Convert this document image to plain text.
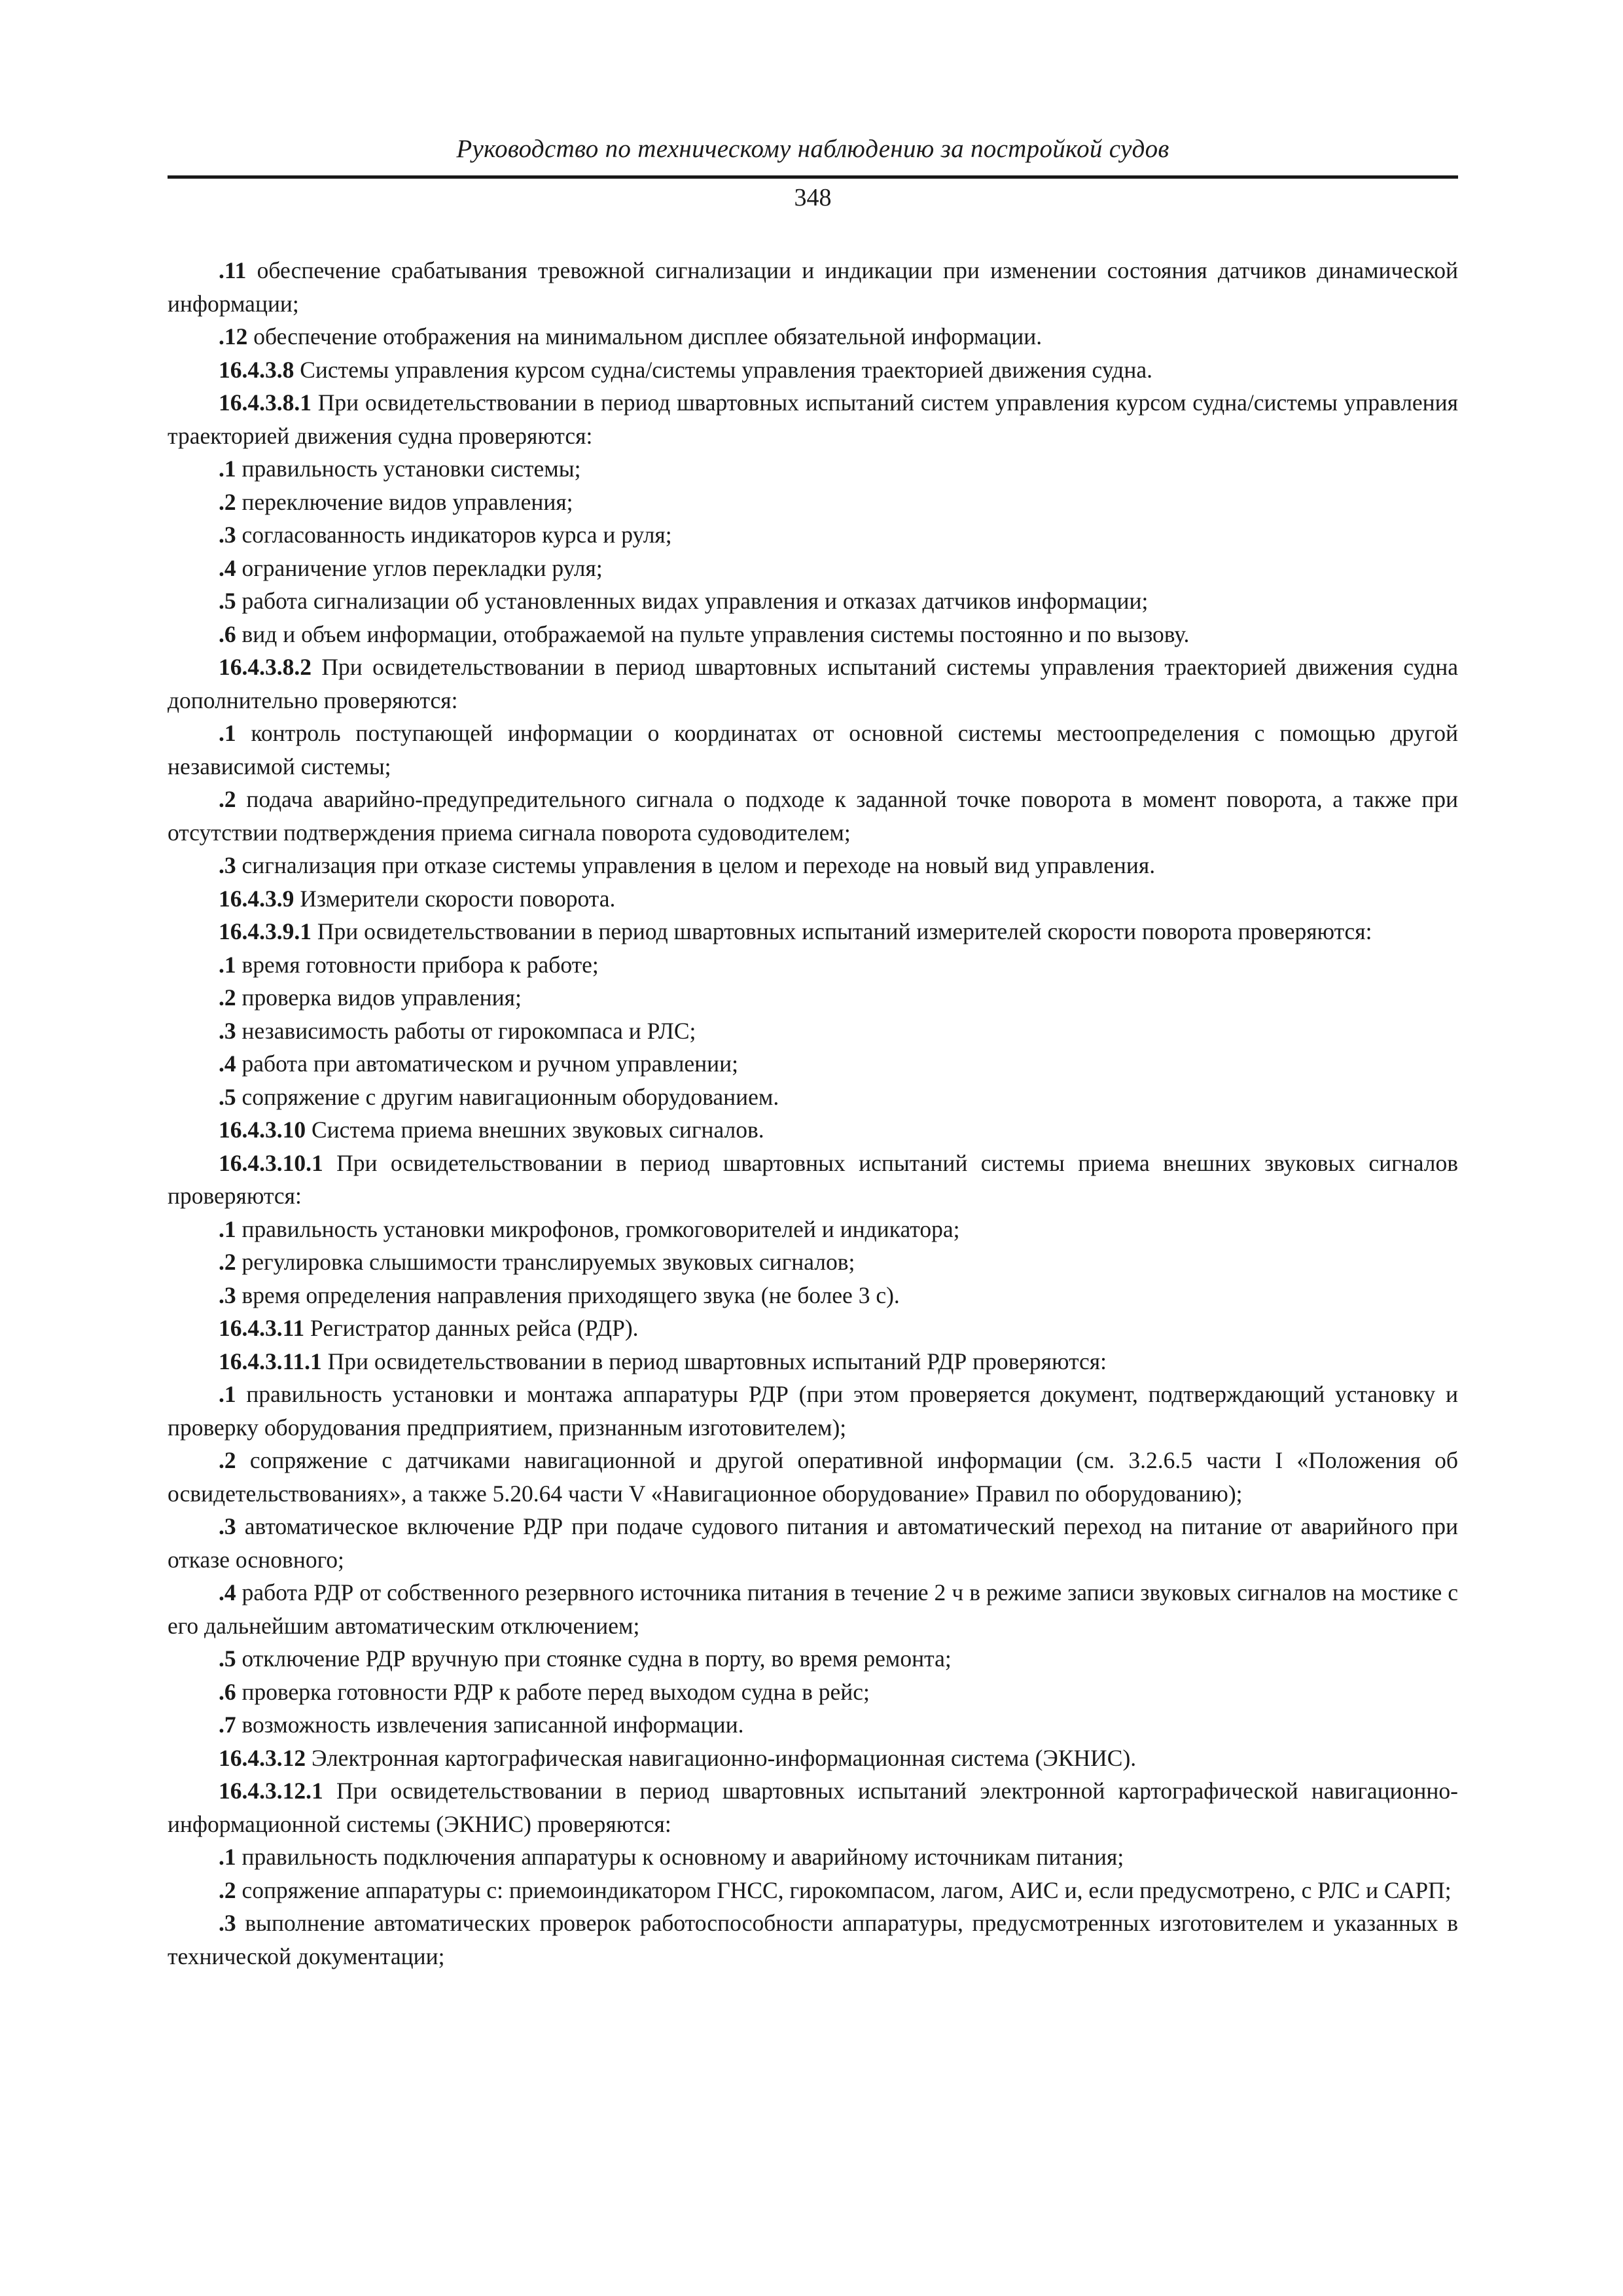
Руководство по техническому наблюдению за постройкой судов
348

.11 обеспечение срабатывания тревожной сигнализации и индикации при изменении состояния датчиков динамической информации;

.12 обеспечение отображения на минимальном дисплее обязательной информации.

16.4.3.8 Системы управления курсом судна/системы управления траекторией движения судна.

16.4.3.8.1 При освидетельствовании в период швартовных испытаний систем управления курсом судна/системы управления траекторией движения судна проверяются:

.1 правильность установки системы;

.2 переключение видов управления;

.3 согласованность индикаторов курса и руля;

.4 ограничение углов перекладки руля;

.5 работа сигнализации об установленных видах управления и отказах датчиков информации;

.6 вид и объем информации, отображаемой на пульте управления системы постоянно и по вызову.

16.4.3.8.2 При освидетельствовании в период швартовных испытаний системы управления траекторией движения судна дополнительно проверяются:

.1 контроль поступающей информации о координатах от основной системы местоопределения с помощью другой независимой системы;

.2 подача аварийно-предупредительного сигнала о подходе к заданной точке поворота в момент поворота, а также при отсутствии подтверждения приема сигнала поворота судоводителем;

.3 сигнализация при отказе системы управления в целом и переходе на новый вид управления.

16.4.3.9 Измерители скорости поворота.

16.4.3.9.1 При освидетельствовании в период швартовных испытаний измерителей скорости поворота проверяются:

.1 время готовности прибора к работе;

.2 проверка видов управления;

.3 независимость работы от гирокомпаса и РЛС;

.4 работа при автоматическом и ручном управлении;

.5 сопряжение с другим навигационным оборудованием.

16.4.3.10 Система приема внешних звуковых сигналов.

16.4.3.10.1 При освидетельствовании в период швартовных испытаний системы приема внешних звуковых сигналов проверяются:

.1 правильность установки микрофонов, громкоговорителей и индикатора;

.2 регулировка слышимости транслируемых звуковых сигналов;

.3 время определения направления приходящего звука (не более 3 с).

16.4.3.11 Регистратор данных рейса (РДР).

16.4.3.11.1 При освидетельствовании в период швартовных испытаний РДР проверяются:

.1 правильность установки и монтажа аппаратуры РДР (при этом проверяется документ, подтверждающий установку и проверку оборудования предприятием, признанным изготовителем);

.2 сопряжение с датчиками навигационной и другой оперативной информации (см. 3.2.6.5 части I «Положения об освидетельствованиях», а также 5.20.64 части V «Навигационное оборудование» Правил по оборудованию);

.3 автоматическое включение РДР при подаче судового питания и автоматический переход на питание от аварийного при отказе основного;

.4 работа РДР от собственного резервного источника питания в течение 2 ч в режиме записи звуковых сигналов на мостике с его дальнейшим автоматическим отключением;

.5 отключение РДР вручную при стоянке судна в порту, во время ремонта;

.6 проверка готовности РДР к работе перед выходом судна в рейс;

.7 возможность извлечения записанной информации.

16.4.3.12 Электронная картографическая навигационно-информационная система (ЭКНИС).

16.4.3.12.1 При освидетельствовании в период швартовных испытаний электронной картографической навигационно-информационной системы (ЭКНИС) проверяются:

.1 правильность подключения аппаратуры к основному и аварийному источникам питания;

.2 сопряжение аппаратуры с: приемоиндикатором ГНСС, гирокомпасом, лагом, АИС и, если предусмотрено, с РЛС и САРП;

.3 выполнение автоматических проверок работоспособности аппаратуры, предусмотренных изготовителем и указанных в технической документации;
